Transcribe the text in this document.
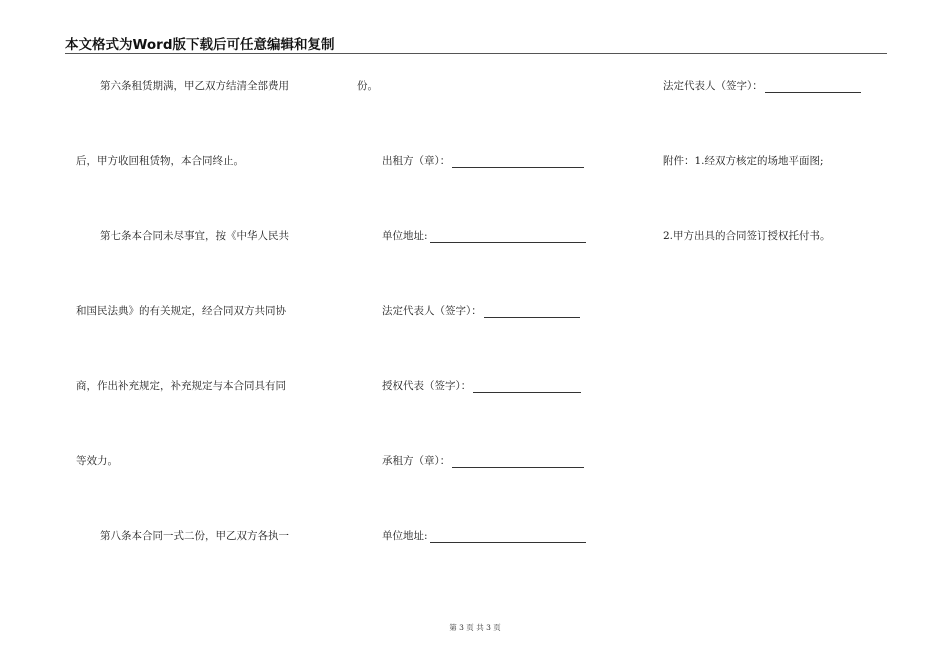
本文格式为Word版下载后可任意编辑和复制
第六条租赁期满，甲乙双方结清全部费用
后，甲方收回租赁物，本合同终止。
第七条本合同未尽事宜，按《中华人民共
和国民法典》的有关规定，经合同双方共同协
商，作出补充规定，补充规定与本合同具有同
等效力。
第八条本合同一式二份，甲乙双方各执一
份。
出租方（章）：
单位地址:
法定代表人（签字）：
授权代表（签字）：
承租方（章）：
单位地址:
法定代表人（签字）：
附件：1.经双方核定的场地平面图;
2.甲方出具的合同签订授权托付书。
第 3 页 共 3 页
